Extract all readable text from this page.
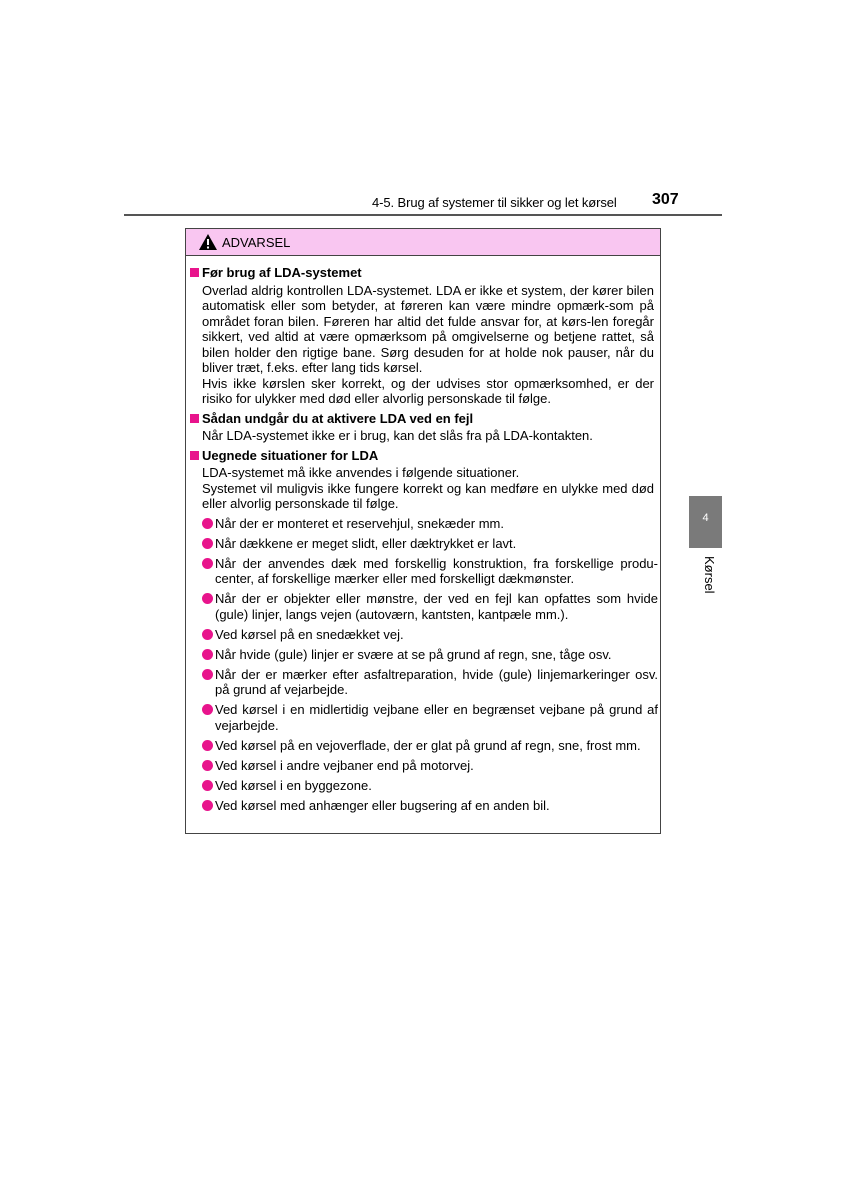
4-5. Brug af systemer til sikker og let kørsel 307
ADVARSEL
Før brug af LDA-systemet
Overlad aldrig kontrollen LDA-systemet. LDA er ikke et system, der kører bilen automatisk eller som betyder, at føreren kan være mindre opmærk-som på området foran bilen. Føreren har altid det fulde ansvar for, at kørs-len foregår sikkert, ved altid at være opmærksom på omgivelserne og betjene rattet, så bilen holder den rigtige bane. Sørg desuden for at holde nok pauser, når du bliver træt, f.eks. efter lang tids kørsel.
Hvis ikke kørslen sker korrekt, og der udvises stor opmærksomhed, er der risiko for ulykker med død eller alvorlig personskade til følge.
Sådan undgår du at aktivere LDA ved en fejl
Når LDA-systemet ikke er i brug, kan det slås fra på LDA-kontakten.
Uegnede situationer for LDA
LDA-systemet må ikke anvendes i følgende situationer.
Systemet vil muligvis ikke fungere korrekt og kan medføre en ulykke med død eller alvorlig personskade til følge.
Når der er monteret et reservehjul, snekæder mm.
Når dækkene er meget slidt, eller dæktrykket er lavt.
Når der anvendes dæk med forskellig konstruktion, fra forskellige produ-center, af forskellige mærker eller med forskelligt dækmønster.
Når der er objekter eller mønstre, der ved en fejl kan opfattes som hvide (gule) linjer, langs vejen (autoværn, kantsten, kantpæle mm.).
Ved kørsel på en snedækket vej.
Når hvide (gule) linjer er svære at se på grund af regn, sne, tåge osv.
Når der er mærker efter asfaltreparation, hvide (gule) linjemarkeringer osv. på grund af vejarbejde.
Ved kørsel i en midlertidig vejbane eller en begrænset vejbane på grund af vejarbejde.
Ved kørsel på en vejoverflade, der er glat på grund af regn, sne, frost mm.
Ved kørsel i andre vejbaner end på motorvej.
Ved kørsel i en byggezone.
Ved kørsel med anhænger eller bugsering af en anden bil.
4
Kørsel
